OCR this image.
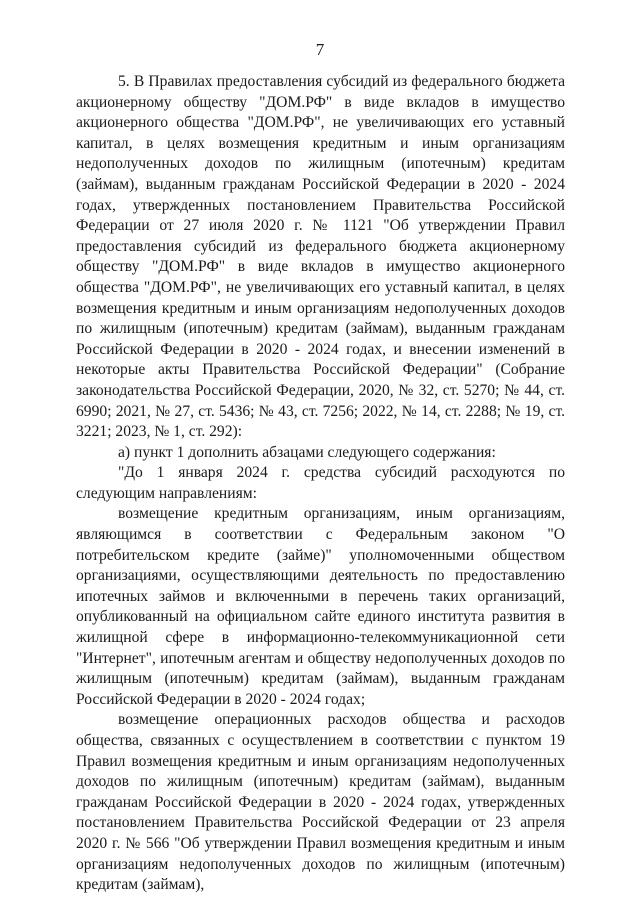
7

5. В Правилах предоставления субсидий из федерального бюджета акционерному обществу "ДОМ.РФ" в виде вкладов в имущество акционерного общества "ДОМ.РФ", не увеличивающих его уставный капитал, в целях возмещения кредитным и иным организациям недополученных доходов по жилищным (ипотечным) кредитам (займам), выданным гражданам Российской Федерации в 2020 - 2024 годах, утвержденных постановлением Правительства Российской Федерации от 27 июля 2020 г. № 1121 "Об утверждении Правил предоставления субсидий из федерального бюджета акционерному обществу "ДОМ.РФ" в виде вкладов в имущество акционерного общества "ДОМ.РФ", не увеличивающих его уставный капитал, в целях возмещения кредитным и иным организациям недополученных доходов по жилищным (ипотечным) кредитам (займам), выданным гражданам Российской Федерации в 2020 - 2024 годах, и внесении изменений в некоторые акты Правительства Российской Федерации" (Собрание законодательства Российской Федерации, 2020, № 32, ст. 5270; № 44, ст. 6990; 2021, № 27, ст. 5436; № 43, ст. 7256; 2022, № 14, ст. 2288; № 19, ст. 3221; 2023, № 1, ст. 292):

а) пункт 1 дополнить абзацами следующего содержания:

"До 1 января 2024 г. средства субсидий расходуются по следующим направлениям:

возмещение кредитным организациям, иным организациям, являющимся в соответствии с Федеральным законом "О потребительском кредите (займе)" уполномоченными обществом организациями, осуществляющими деятельность по предоставлению ипотечных займов и включенными в перечень таких организаций, опубликованный на официальном сайте единого института развития в жилищной сфере в информационно-телекоммуникационной сети "Интернет", ипотечным агентам и обществу недополученных доходов по жилищным (ипотечным) кредитам (займам), выданным гражданам Российской Федерации в 2020 - 2024 годах;

возмещение операционных расходов общества и расходов общества, связанных с осуществлением в соответствии с пунктом 19 Правил возмещения кредитным и иным организациям недополученных доходов по жилищным (ипотечным) кредитам (займам), выданным гражданам Российской Федерации в 2020 - 2024 годах, утвержденных постановлением Правительства Российской Федерации от 23 апреля 2020 г. № 566 "Об утверждении Правил возмещения кредитным и иным организациям недополученных доходов по жилищным (ипотечным) кредитам (займам),
